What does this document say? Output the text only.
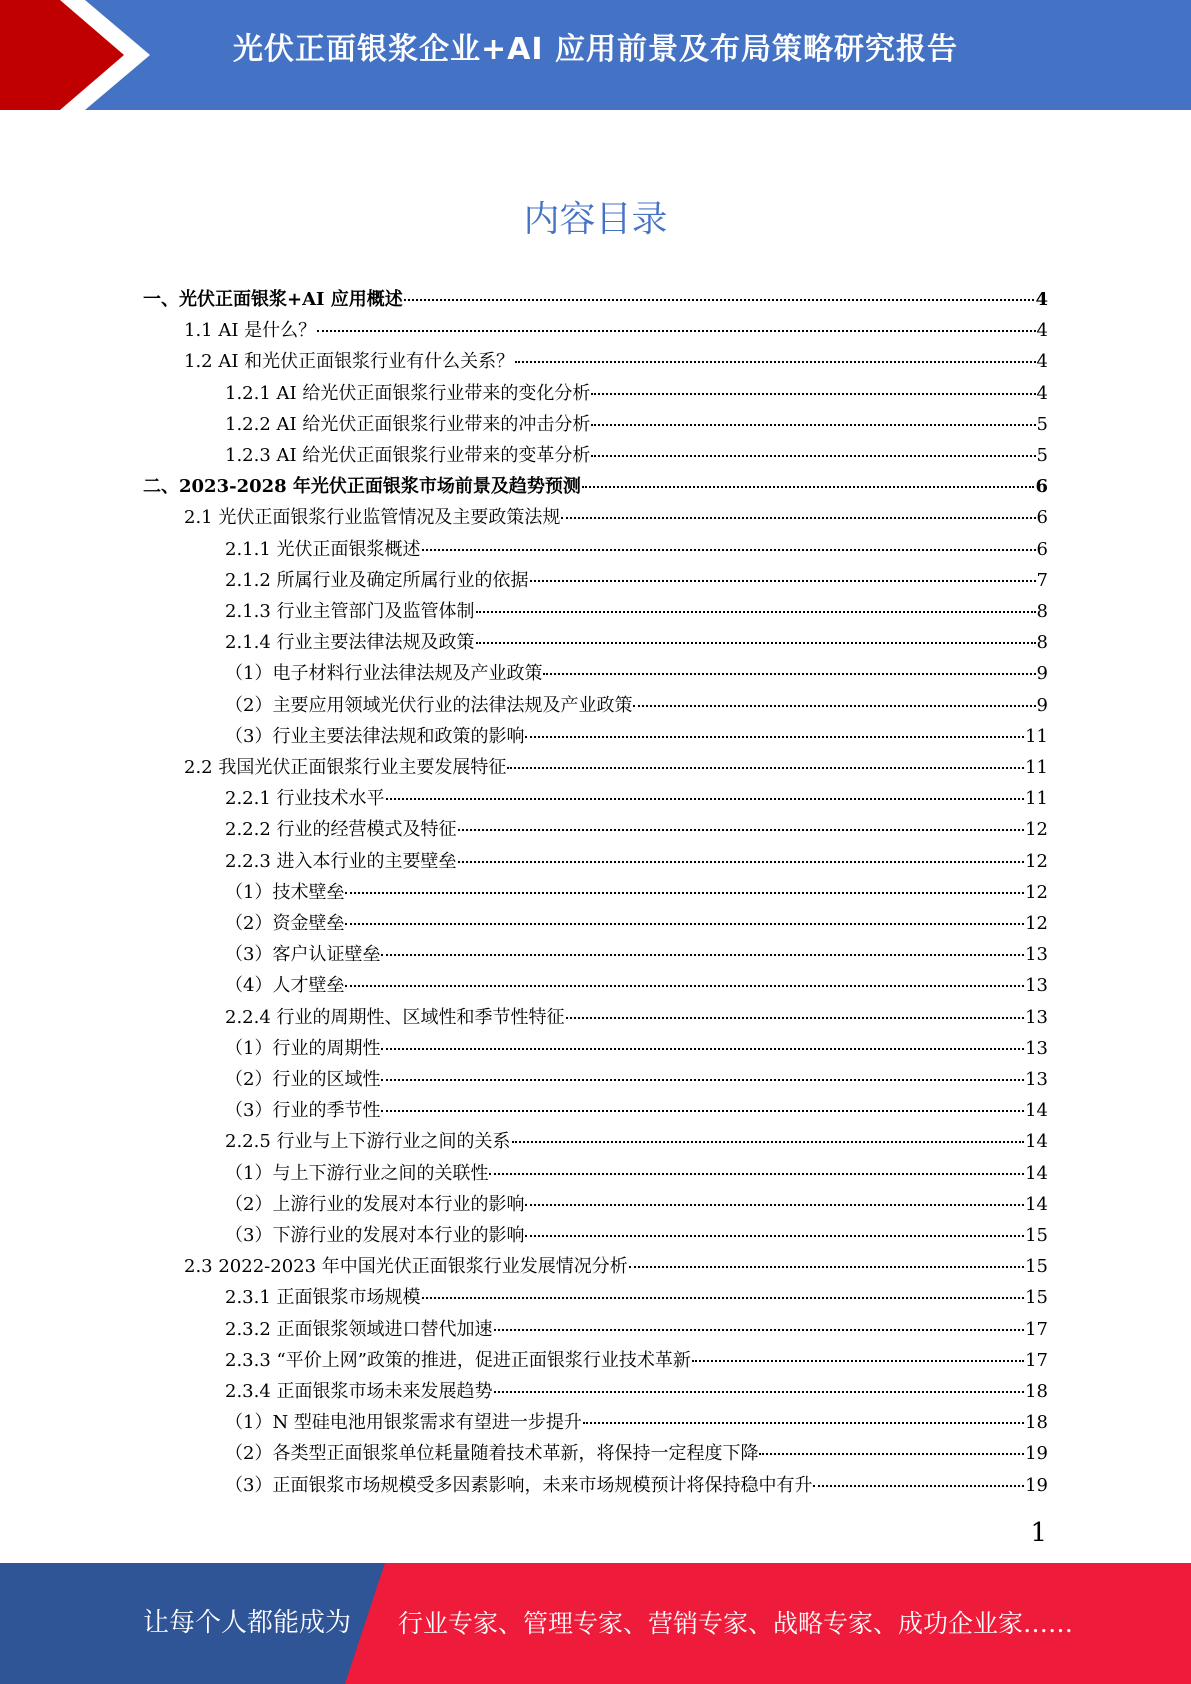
光伏正面银浆企业+AI 应用前景及布局策略研究报告
内容目录
一、光伏正面银浆+AI 应用概述	4
1.1 AI 是什么？	4
1.2 AI 和光伏正面银浆行业有什么关系？	4
1.2.1 AI 给光伏正面银浆行业带来的变化分析	4
1.2.2 AI 给光伏正面银浆行业带来的冲击分析	5
1.2.3 AI 给光伏正面银浆行业带来的变革分析	5
二、2023-2028 年光伏正面银浆市场前景及趋势预测	6
2.1 光伏正面银浆行业监管情况及主要政策法规	6
2.1.1 光伏正面银浆概述	6
2.1.2 所属行业及确定所属行业的依据	7
2.1.3 行业主管部门及监管体制	8
2.1.4 行业主要法律法规及政策	8
（1）电子材料行业法律法规及产业政策	9
（2）主要应用领域光伏行业的法律法规及产业政策	9
（3）行业主要法律法规和政策的影响	11
2.2 我国光伏正面银浆行业主要发展特征	11
2.2.1 行业技术水平	11
2.2.2 行业的经营模式及特征	12
2.2.3 进入本行业的主要壁垒	12
（1）技术壁垒	12
（2）资金壁垒	12
（3）客户认证壁垒	13
（4）人才壁垒	13
2.2.4 行业的周期性、区域性和季节性特征	13
（1）行业的周期性	13
（2）行业的区域性	13
（3）行业的季节性	14
2.2.5 行业与上下游行业之间的关系	14
（1）与上下游行业之间的关联性	14
（2）上游行业的发展对本行业的影响	14
（3）下游行业的发展对本行业的影响	15
2.3 2022-2023 年中国光伏正面银浆行业发展情况分析	15
2.3.1 正面银浆市场规模	15
2.3.2 正面银浆领域进口替代加速	17
2.3.3 “平价上网”政策的推进，促进正面银浆行业技术革新	17
2.3.4 正面银浆市场未来发展趋势	18
（1）N 型硅电池用银浆需求有望进一步提升	18
（2）各类型正面银浆单位耗量随着技术革新，将保持一定程度下降	19
（3）正面银浆市场规模受多因素影响，未来市场规模预计将保持稳中有升	19
1
让每个人都能成为 行业专家、管理专家、营销专家、战略专家、成功企业家……
